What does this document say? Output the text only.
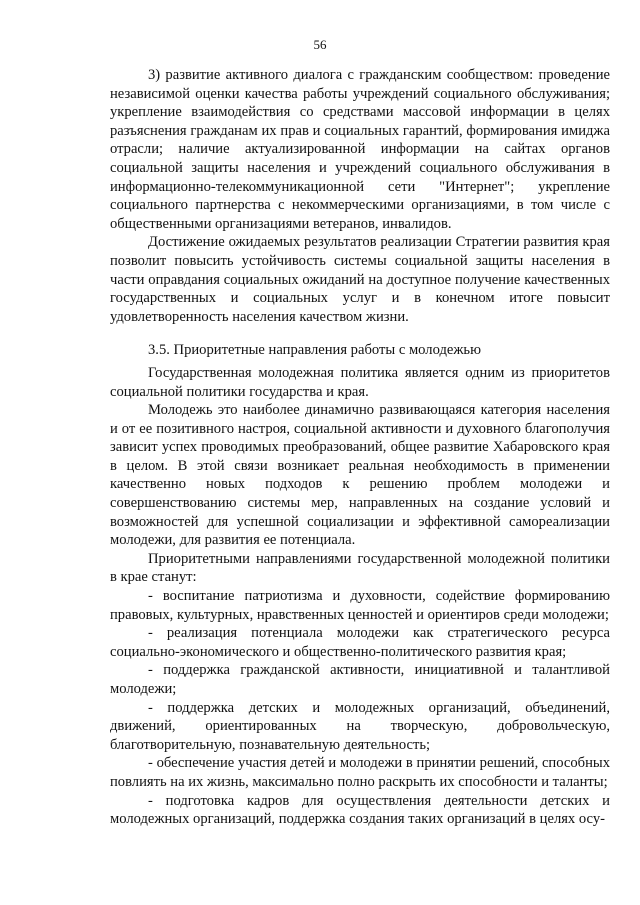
56

3) развитие активного диалога с гражданским сообществом: проведение независимой оценки качества работы учреждений социального обслуживания; укрепление взаимодействия со средствами массовой информации в целях разъяснения гражданам их прав и социальных гарантий, формирования имиджа отрасли; наличие актуализированной информации на сайтах органов социальной защиты населения и учреждений социального обслуживания в информационно-телекоммуникационной сети "Интернет"; укрепление социального партнерства с некоммерческими организациями, в том числе с общественными организациями ветеранов, инвалидов.

Достижение ожидаемых результатов реализации Стратегии развития края позволит повысить устойчивость системы социальной защиты населения в части оправдания социальных ожиданий на доступное получение качественных государственных и социальных услуг и в конечном итоге повысит удовлетворенность населения качеством жизни.

3.5. Приоритетные направления работы с молодежью

Государственная молодежная политика является одним из приоритетов социальной политики государства и края.

Молодежь это наиболее динамично развивающаяся категория населения и от ее позитивного настроя, социальной активности и духовного благополучия зависит успех проводимых преобразований, общее развитие Хабаровского края в целом. В этой связи возникает реальная необходимость в применении качественно новых подходов к решению проблем молодежи и совершенствованию системы мер, направленных на создание условий и возможностей для успешной социализации и эффективной самореализации молодежи, для развития ее потенциала.

Приоритетными направлениями государственной молодежной политики в крае станут:

- воспитание патриотизма и духовности, содействие формированию правовых, культурных, нравственных ценностей и ориентиров среди молодежи;

- реализация потенциала молодежи как стратегического ресурса социально-экономического и общественно-политического развития края;

- поддержка гражданской активности, инициативной и талантливой молодежи;

- поддержка детских и молодежных организаций, объединений, движений, ориентированных на творческую, добровольческую, благотворительную, познавательную деятельность;

- обеспечение участия детей и молодежи в принятии решений, способных повлиять на их жизнь, максимально полно раскрыть их способности и таланты;

- подготовка кадров для осуществления деятельности детских и молодежных организаций, поддержка создания таких организаций в целях осу-
